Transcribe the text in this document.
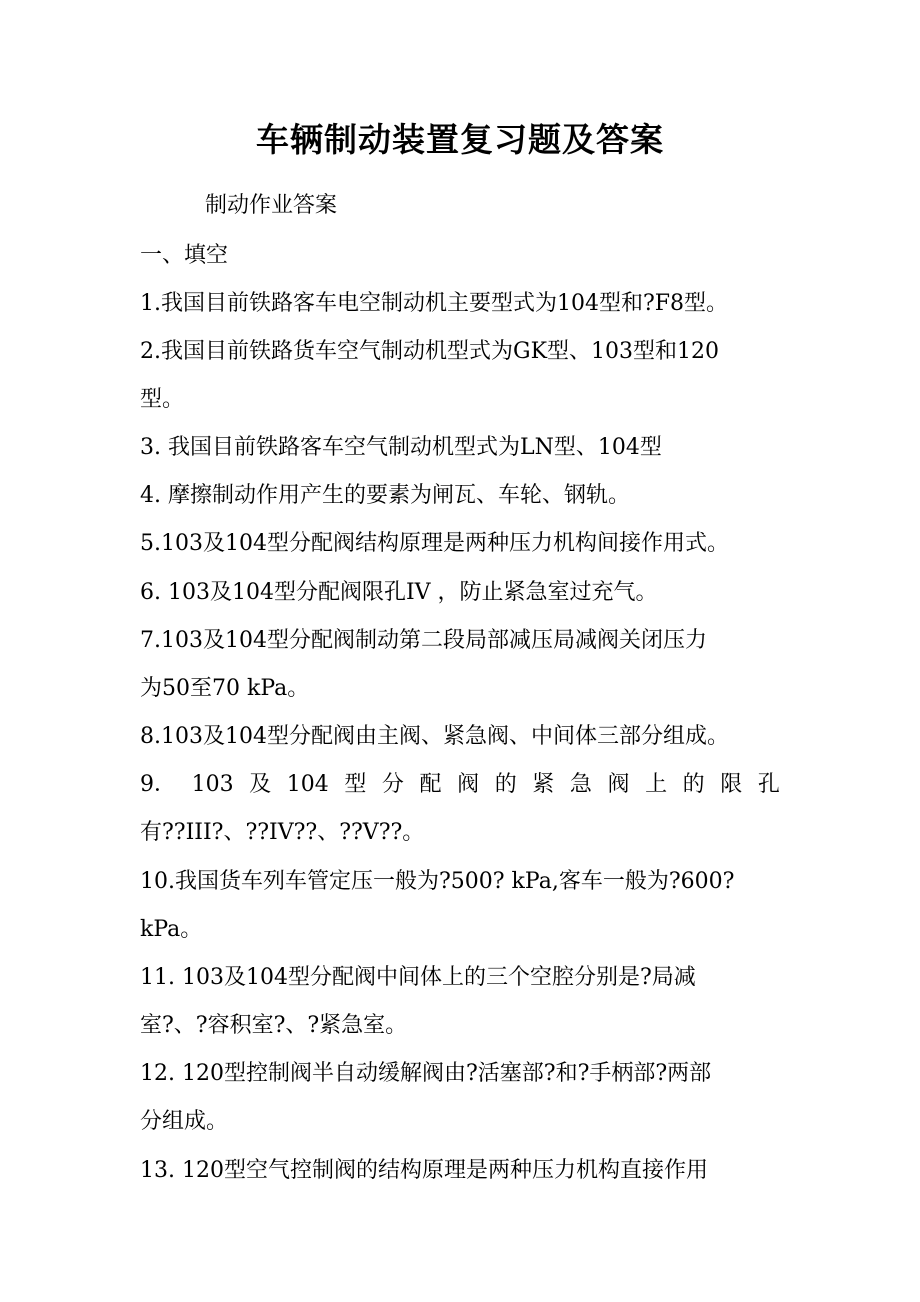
车辆制动装置复习题及答案
制动作业答案
一、填空
1.我国目前铁路客车电空制动机主要型式为104型和?F8型。
2.我国目前铁路货车空气制动机型式为GK型、103型和120
型。
3. 我国目前铁路客车空气制动机型式为LN型、104型
4. 摩擦制动作用产生的要素为闸瓦、车轮、钢轨。
5.103及104型分配阀结构原理是两种压力机构间接作用式。
6. 103及104型分配阀限孔IV ，防止紧急室过充气。
7.103及104型分配阀制动第二段局部减压局减阀关闭压力
为50至70 kPa。
8.103及104型分配阀由主阀、紧急阀、中间体三部分组成。
9． 103 及 104 型 分 配 阀 的 紧 急 阀 上 的 限 孔
有??III?、??IV??、??V??。
10.我国货车列车管定压一般为?500? kPa,客车一般为?600?
kPa。
11. 103及104型分配阀中间体上的三个空腔分别是?局减
室?、?容积室?、?紧急室。
12. 120型控制阀半自动缓解阀由?活塞部?和?手柄部?两部
分组成。
13. 120型空气控制阀的结构原理是两种压力机构直接作用
